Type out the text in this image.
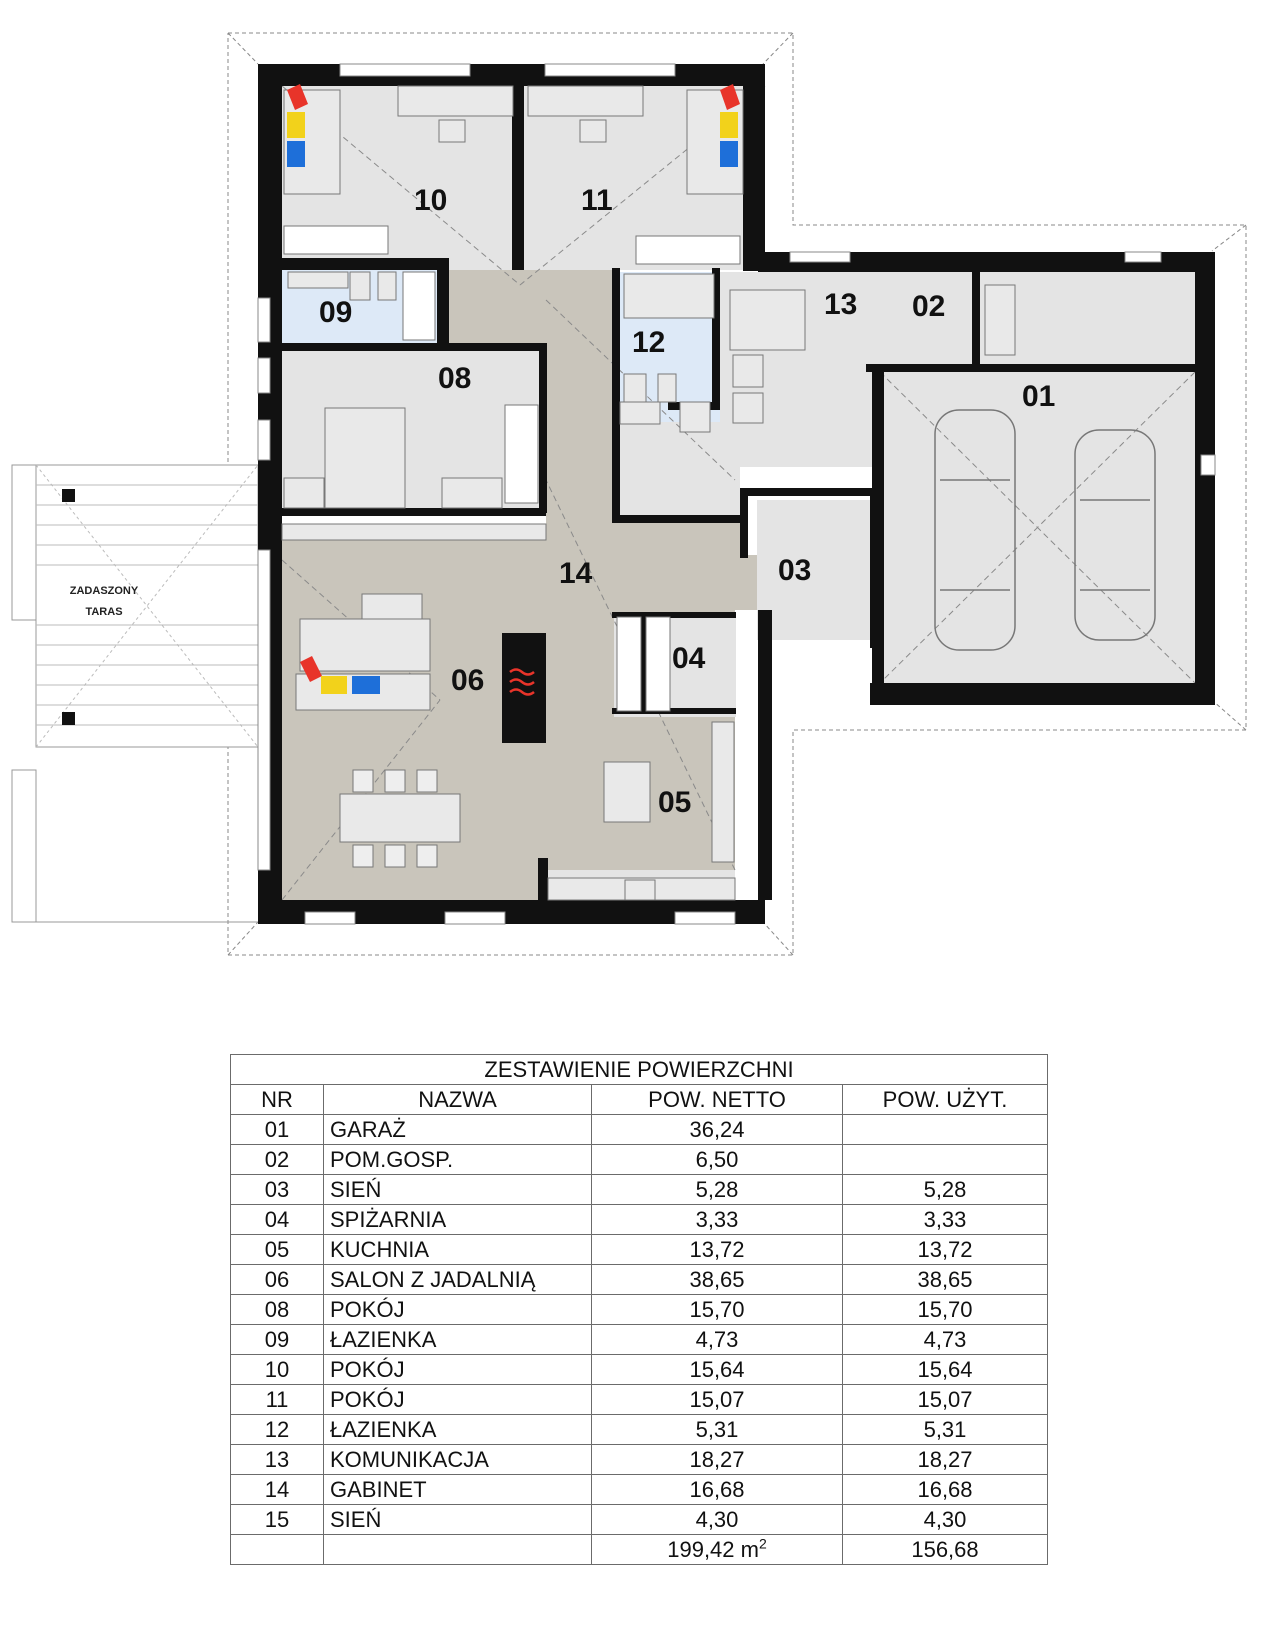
ZADASZONY
TARAS
01
02
03
04
05
06
08
09
10	11
12
13
14
ZESTAWIENIE POWIERZCHNI			
NR	NAZWA	POW. NETTO	POW. UŻYT.
01	GARAŻ	36,24	
02	POM.GOSP.	6,50	
03	SIEŃ	5,28	5,28
04	SPIŻARNIA	3,33	3,33
05	KUCHNIA	13,72	13,72
06	SALON Z JADALNIĄ	38,65	38,65
08	POKÓJ	15,70	15,70
09	ŁAZIENKA	4,73	4,73
10	POKÓJ	15,64	15,64
11	POKÓJ	15,07	15,07
12	ŁAZIENKA	5,31	5,31
13	KOMUNIKACJA	18,27	18,27
14	GABINET	16,68	16,68
15	SIEŃ	4,30	4,30
		199,42 $m^2$	156,68
